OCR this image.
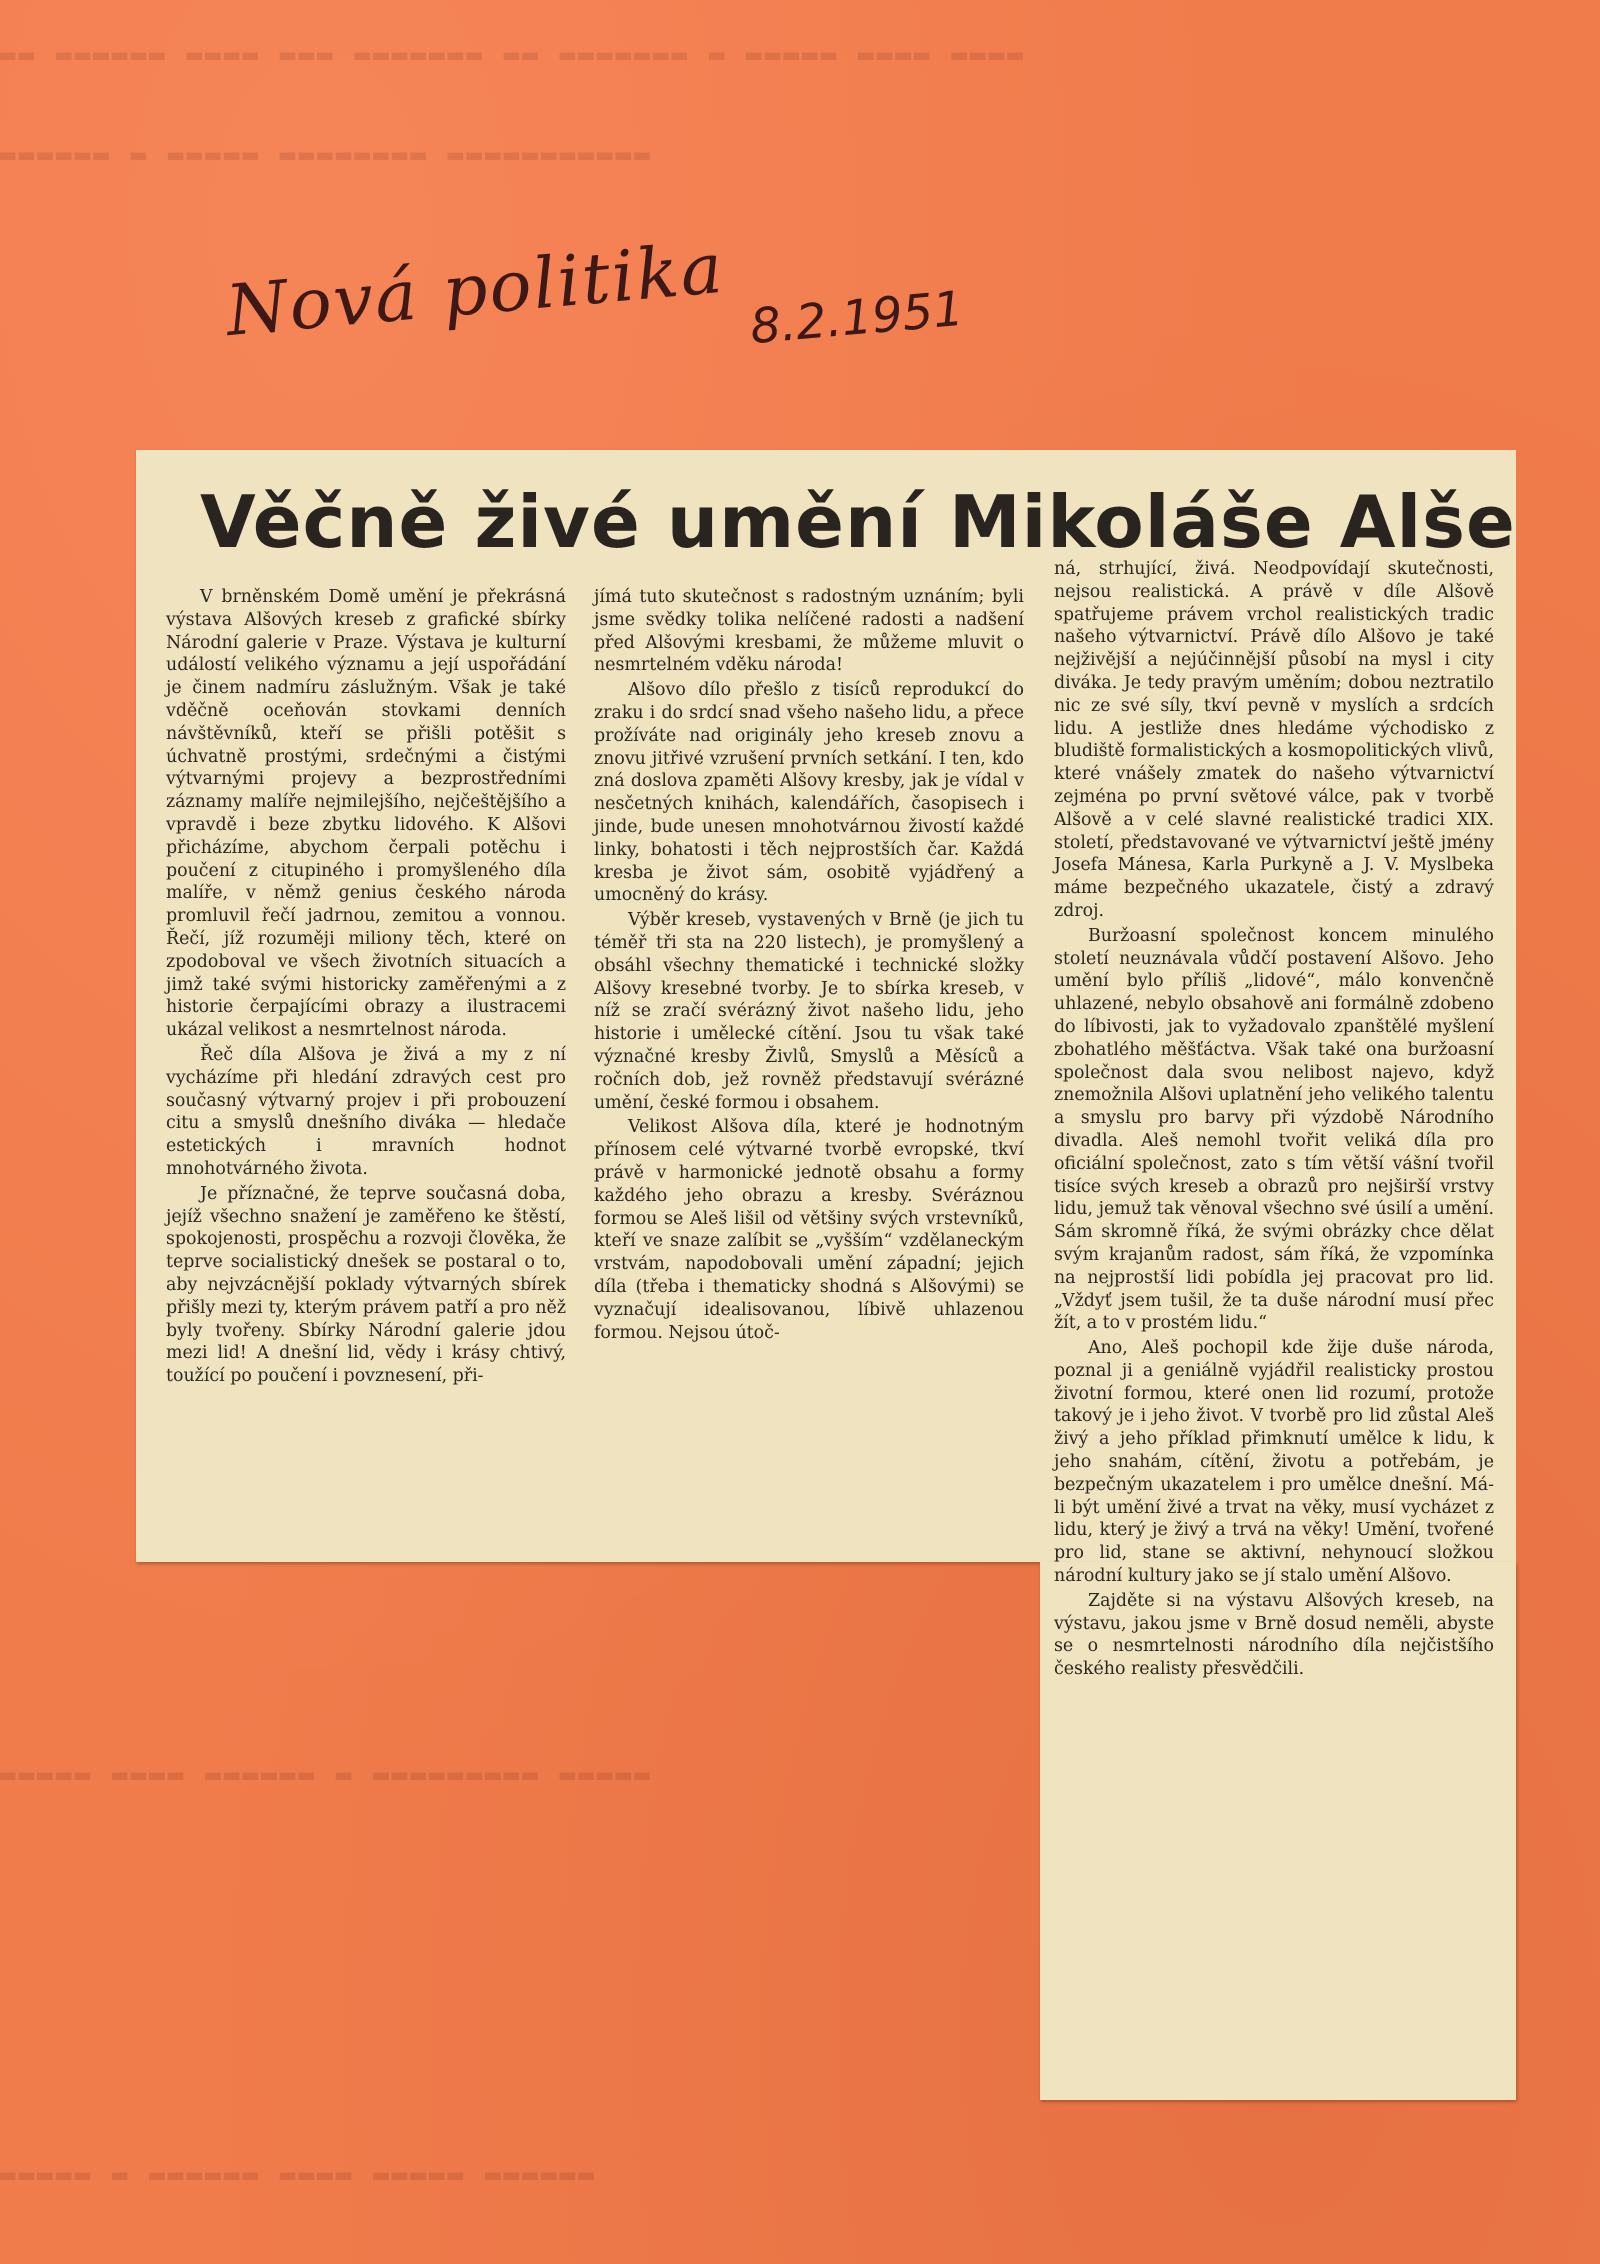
▬▬ ▬▬▬▬▬▬ ▬▬▬▬ ▬▬▬ ▬▬▬▬▬▬▬ ▬▬ ▬▬▬▬▬▬▬ ▬ ▬▬▬▬▬ ▬▬▬▬ ▬▬▬▬
▬▬▬▬▬▬ ▬ ▬▬▬▬▬ ▬▬▬▬▬▬▬▬ ▬▬▬▬▬▬▬▬▬▬▬
▬▬▬▬▬ ▬▬▬▬ ▬▬▬▬▬▬ ▬ ▬▬▬▬▬▬▬▬▬ ▬▬▬▬▬
▬▬▬▬▬ ▬ ▬▬▬▬▬▬ ▬▬▬▬ ▬▬▬▬▬ ▬▬▬▬▬▬
Nová politika 8.2.1951
Věčně živé umění Mikoláše Alše

V brněnském Domě umění je překrásná výstava Alšových kreseb z grafické sbírky Národní galerie v Praze. Výstava je kulturní událostí velikého významu a její uspořádání je činem nadmíru záslužným. Však je také vděčně oceňován stovkami denních návštěvníků, kteří se přišli potěšit s úchvatně prostými, srdečnými a čistými výtvarnými projevy a bezprostředními záznamy malíře nejmilejšího, nejčeštějšího a vpravdě i beze zbytku lidového. K Alšovi přicházíme, abychom čerpali potěchu i poučení z citupiného i promyšleného díla malíře, v němž genius českého národa promluvil řečí jadrnou, zemitou a vonnou. Řečí, jíž rozuměji miliony těch, které on zpodoboval ve všech životních situacích a jimž také svými historicky zaměřenými a z historie čerpajícími obrazy a ilustracemi ukázal velikost a nesmrtelnost národa.

Řeč díla Alšova je živá a my z ní vycházíme při hledání zdravých cest pro současný výtvarný projev i při probouzení citu a smyslů dnešního diváka — hledače estetických i mravních hodnot mnohotvárného života.

Je příznačné, že teprve současná doba, jejíž všechno snažení je zaměřeno ke štěstí, spokojenosti, prospěchu a rozvoji člověka, že teprve socialistický dnešek se postaral o to, aby nejvzácnější poklady výtvarných sbírek přišly mezi ty, kterým právem patří a pro něž byly tvořeny. Sbírky Národní galerie jdou mezi lid! A dnešní lid, vědy i krásy chtivý, toužící po poučení i povznesení, při-

jímá tuto skutečnost s radostným uznáním; byli jsme svědky tolika nelíčené radosti a nadšení před Alšovými kresbami, že můžeme mluvit o nesmrtelném vděku národa!

Alšovo dílo přešlo z tisíců reprodukcí do zraku i do srdcí snad všeho našeho lidu, a přece prožíváte nad originály jeho kreseb znovu a znovu jitřivé vzrušení prvních setkání. I ten, kdo zná doslova zpaměti Alšovy kresby, jak je vídal v nesčetných knihách, kalendářích, časopisech i jinde, bude unesen mnohotvárnou živostí každé linky, bohatosti i těch nejprostších čar. Každá kresba je život sám, osobitě vyjádřený a umocněný do krásy.

Výběr kreseb, vystavených v Brně (je jich tu téměř tři sta na 220 listech), je promyšlený a obsáhl všechny thematické i technické složky Alšovy kresebné tvorby. Je to sbírka kreseb, v níž se zračí svérázný život našeho lidu, jeho historie i umělecké cítění. Jsou tu však také význačné kresby Živlů, Smyslů a Měsíců a ročních dob, jež rovněž představují svérázné umění, české formou i obsahem.

Velikost Alšova díla, které je hodnotným přínosem celé výtvarné tvorbě evropské, tkví právě v harmonické jednotě obsahu a formy každého jeho obrazu a kresby. Svéráznou formou se Aleš lišil od většiny svých vrstevníků, kteří ve snaze zalíbit se „vyšším“ vzdělaneckým vrstvám, napodobovali umění západní; jejich díla (třeba i thematicky shodná s Alšovými) se vyznačují idealisovanou, líbivě uhlazenou formou. Nejsou útoč-

ná, strhující, živá. Neodpovídají skutečnosti, nejsou realistická. A právě v díle Alšově spatřujeme právem vrchol realistických tradic našeho výtvarnictví. Právě dílo Alšovo je také nejživější a nejúčinnější působí na mysl i city diváka. Je tedy pravým uměním; dobou neztratilo nic ze své síly, tkví pevně v myslích a srdcích lidu. A jestliže dnes hledáme východisko z bludiště formalistických a kosmopolitických vlivů, které vnášely zmatek do našeho výtvarnictví zejména po první světové válce, pak v tvorbě Alšově a v celé slavné realistické tradici XIX. století, představované ve výtvarnictví ještě jmény Josefa Mánesa, Karla Purkyně a J. V. Myslbeka máme bezpečného ukazatele, čistý a zdravý zdroj.

Buržoasní společnost koncem minulého století neuznávala vůdčí postavení Alšovo. Jeho umění bylo příliš „lidové“, málo konvenčně uhlazené, nebylo obsahově ani formálně zdobeno do líbivosti, jak to vyžadovalo zpanštělé myšlení zbohatlého měšťáctva. Však také ona buržoasní společnost dala svou nelibost najevo, když znemožnila Alšovi uplatnění jeho velikého talentu a smyslu pro barvy při výzdobě Národního divadla. Aleš nemohl tvořit veliká díla pro oficiální společnost, zato s tím větší vášní tvořil tisíce svých kreseb a obrazů pro nejširší vrstvy lidu, jemuž tak věnoval všechno své úsilí a umění. Sám skromně říká, že svými obrázky chce dělat svým krajanům radost, sám říká, že vzpomínka na nejprostší lidi pobídla jej pracovat pro lid. „Vždyť jsem tušil, že ta duše národní musí přec žít, a to v prostém lidu.“

Ano, Aleš pochopil kde žije duše národa, poznal ji a geniálně vyjádřil realisticky prostou životní formou, které onen lid rozumí, protože takový je i jeho život. V tvorbě pro lid zůstal Aleš živý a jeho příklad přimknutí umělce k lidu, k jeho snahám, cítění, životu a potřebám, je bezpečným ukazatelem i pro umělce dnešní. Má-li být umění živé a trvat na věky, musí vycházet z lidu, který je živý a trvá na věky! Umění, tvořené pro lid, stane se aktivní, nehynoucí složkou národní kultury jako se jí stalo umění Alšovo.

Zajděte si na výstavu Alšových kreseb, na výstavu, jakou jsme v Brně dosud neměli, abyste se o nesmrtelnosti národního díla nejčistšího českého realisty přesvědčili.
